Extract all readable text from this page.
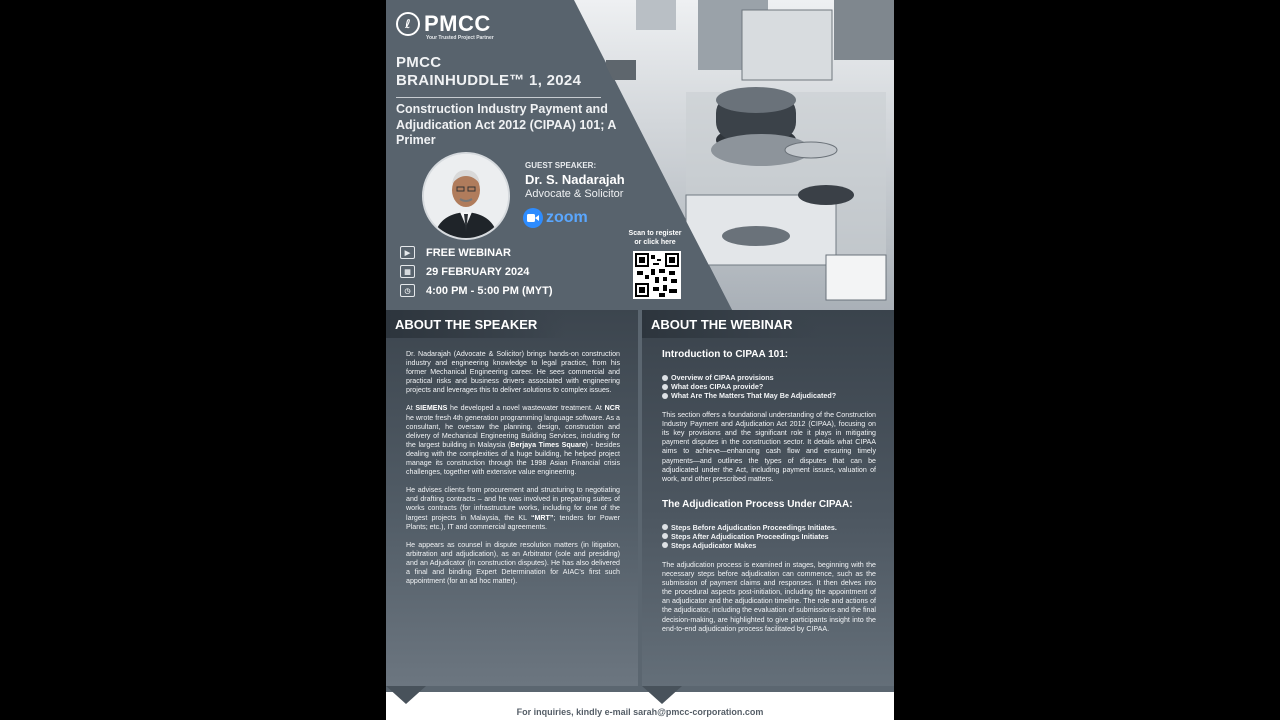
ℓ PMCC
Your Trusted Project Partner
PMCC
BRAINHUDDLE™ 1, 2024
Construction Industry Payment and Adjudication Act 2012 (CIPAA) 101; A Primer
GUEST SPEAKER:
Dr. S. Nadarajah
Advocate & Solicitor
zoom
▶	FREE WEBINAR
▦	29 FEBRUARY 2024
◷	4:00 PM - 5:00 PM (MYT)
Scan to register
or click here
ABOUT THE SPEAKER

Dr. Nadarajah (Advocate & Solicitor) brings hands-on construction industry and engineering knowledge to legal practice, from his former Mechanical Engineering career. He sees commercial and practical risks and business drivers associated with engineering projects and leverages this to deliver solutions to complex issues.

At SIEMENS he developed a novel wastewater treatment. At NCR he wrote fresh 4th generation programming language software. As a consultant, he oversaw the planning, design, construction and delivery of Mechanical Engineering Building Services, including for the largest building in Malaysia (Berjaya Times Square) - besides dealing with the complexities of a huge building, he helped project manage its construction through the 1998 Asian Financial crisis challenges, together with extensive value engineering.

He advises clients from procurement and structuring to negotiating and drafting contracts – and he was involved in preparing suites of works contracts (for infrastructure works, including for one of the largest projects in Malaysia, the KL “MRT”; tenders for Power Plants; etc.), IT and commercial agreements.

He appears as counsel in dispute resolution matters (in litigation, arbitration and adjudication), as an Arbitrator (sole and presiding) and an Adjudicator (in construction disputes). He has also delivered a final and binding Expert Determination for AIAC’s first such appointment (for an ad hoc matter).

ABOUT THE WEBINAR

Introduction to CIPAA 101:

Overview of CIPAA provisions
What does CIPAA provide?
What Are The Matters That May Be Adjudicated?

This section offers a foundational understanding of the Construction Industry Payment and Adjudication Act 2012 (CIPAA), focusing on its key provisions and the significant role it plays in mitigating payment disputes in the construction sector. It details what CIPAA aims to achieve—enhancing cash flow and ensuring timely payments—and outlines the types of disputes that can be adjudicated under the Act, including payment issues, valuation of work, and other prescribed matters.

The Adjudication Process Under CIPAA:

Steps Before Adjudication Proceedings Initiates.
Steps After Adjudication Proceedings Initiates
Steps Adjudicator Makes

The adjudication process is examined in stages, beginning with the necessary steps before adjudication can commence, such as the submission of payment claims and responses. It then delves into the procedural aspects post-initiation, including the appointment of an adjudicator and the adjudication timeline. The role and actions of the adjudicator, including the evaluation of submissions and the final decision-making, are highlighted to give participants insight into the end-to-end adjudication process facilitated by CIPAA.

For inquiries, kindly e-mail sarah@pmcc-corporation.com
